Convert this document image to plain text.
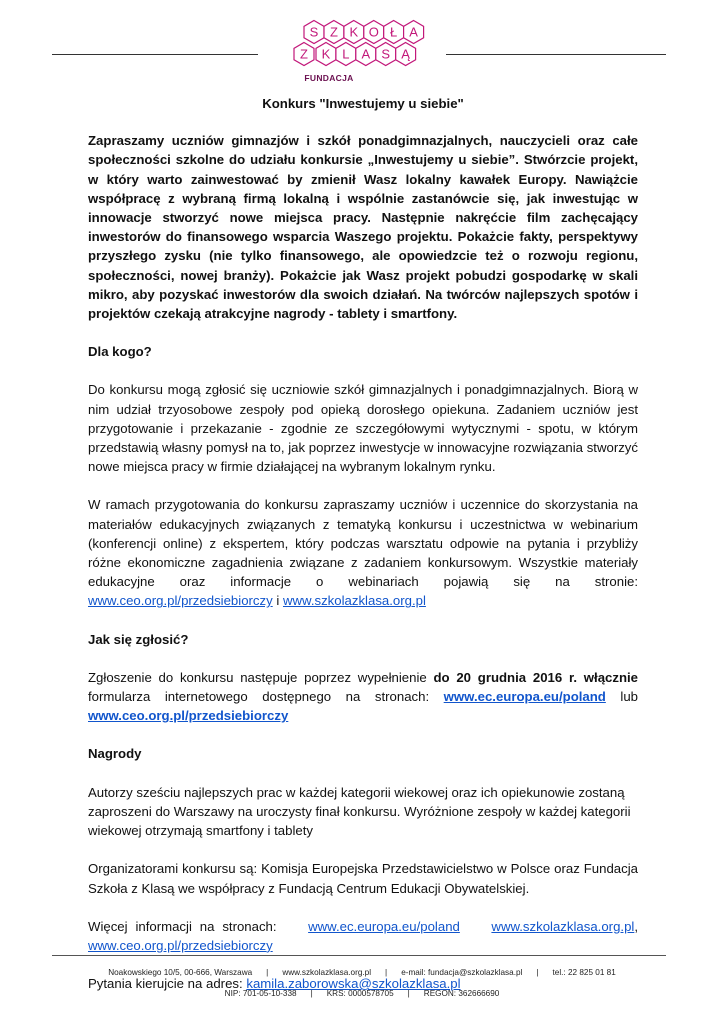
S Z K O Ł A
Z K L A S Ą
FUNDACJA
Konkurs "Inwestujemy u siebie"

Zapraszamy uczniów gimnazjów i szkół ponadgimnazjalnych, nauczycieli oraz całe społeczności szkolne do udziału konkursie „Inwestujemy u siebie”. Stwórzcie projekt, w który warto zainwestować by zmienił Wasz lokalny kawałek Europy. Nawiążcie współpracę z wybraną firmą lokalną i wspólnie zastanówcie się, jak inwestując w innowacje stworzyć nowe miejsca pracy. Następnie nakręćcie film zachęcający inwestorów do finansowego wsparcia Waszego projektu. Pokażcie fakty, perspektywy przyszłego zysku (nie tylko finansowego, ale opowiedzcie też o rozwoju regionu, społeczności, nowej branży). Pokażcie jak Wasz projekt pobudzi gospodarkę w skali mikro, aby pozyskać inwestorów dla swoich działań. Na twórców najlepszych spotów i projektów czekają atrakcyjne nagrody - tablety i smartfony.

Dla kogo?

Do konkursu mogą zgłosić się uczniowie szkół gimnazjalnych i ponadgimnazjalnych. Biorą w nim udział trzyosobowe zespoły pod opieką dorosłego opiekuna. Zadaniem uczniów jest przygotowanie i przekazanie - zgodnie ze szczegółowymi wytycznymi - spotu, w którym przedstawią własny pomysł na to, jak poprzez inwestycje w innowacyjne rozwiązania stworzyć nowe miejsca pracy w firmie działającej na wybranym lokalnym rynku.

W ramach przygotowania do konkursu zapraszamy uczniów i uczennice do skorzystania na materiałów edukacyjnych związanych z tematyką konkursu i uczestnictwa w webinarium (konferencji online) z ekspertem, który podczas warsztatu odpowie na pytania i przybliży różne ekonomiczne zagadnienia związane z zadaniem konkursowym. Wszystkie materiały edukacyjne oraz informacje o webinariach pojawią się na stronie: www.ceo.org.pl/przedsiebiorczy i www.szkolazklasa.org.pl

Jak się zgłosić?

Zgłoszenie do konkursu następuje poprzez wypełnienie do 20 grudnia 2016 r. włącznie formularza internetowego dostępnego na stronach: www.ec.europa.eu/poland lub www.ceo.org.pl/przedsiebiorczy

Nagrody

Autorzy sześciu najlepszych prac w każdej kategorii wiekowej oraz ich opiekunowie zostaną zaproszeni do Warszawy na uroczysty finał konkursu. Wyróżnione zespoły w każdej kategorii wiekowej otrzymają smartfony i tablety

Organizatorami konkursu są: Komisja Europejska Przedstawicielstwo w Polsce oraz Fundacja Szkoła z Klasą we współpracy z Fundacją Centrum Edukacji Obywatelskiej.

Więcej informacji na stronach: www.ec.europa.eu/poland www.szkolazklasa.org.pl, www.ceo.org.pl/przedsiebiorczy

Pytania kierujcie na adres: kamila.zaborowska@szkolazklasa.pl

Noakowskiego 10/5, 00-666, Warszawa | www.szkolazklasa.org.pl | e-mail: fundacja@szkolazklasa.pl | tel.: 22 825 01 81
NIP: 701-05-10-338 | KRS: 0000578705 | REGON: 362666690
